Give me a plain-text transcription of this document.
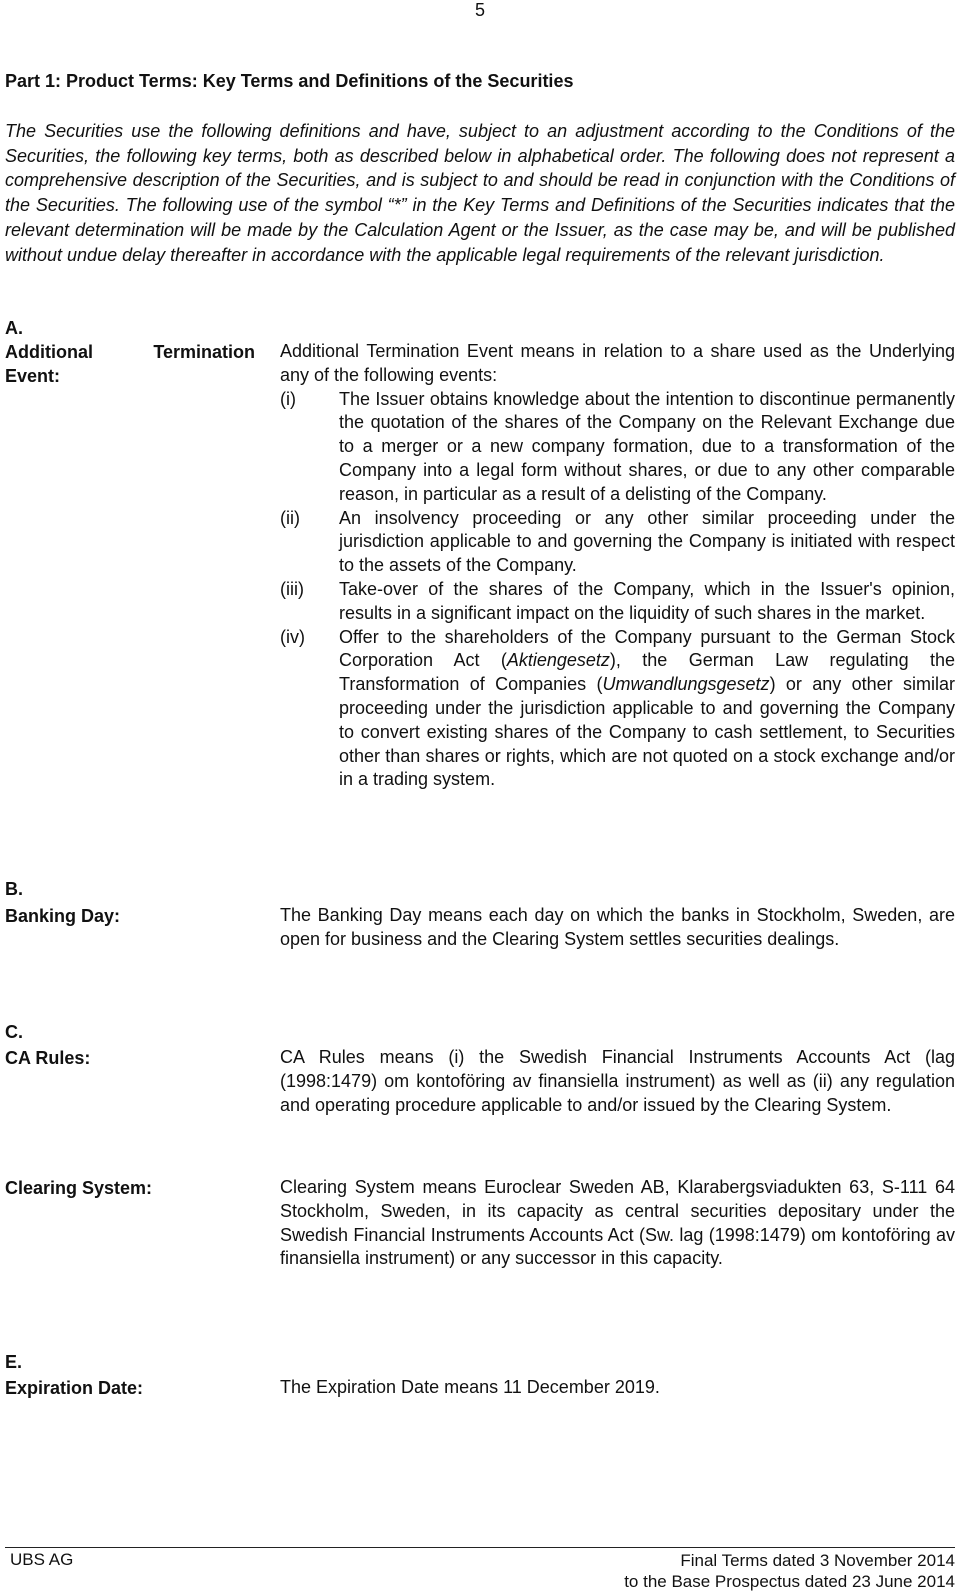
5
Part 1: Product Terms: Key Terms and Definitions of the Securities

The Securities use the following definitions and have, subject to an adjustment according to the Conditions of the Securities, the following key terms, both as described below in alphabetical order. The following does not represent a comprehensive description of the Securities, and is subject to and should be read in conjunction with the Conditions of the Securities. The following use of the symbol “*” in the Key Terms and Definitions of the Securities indicates that the relevant determination will be made by the Calculation Agent or the Issuer, as the case may be, and will be published without undue delay thereafter in accordance with the applicable legal requirements of the relevant jurisdiction.

A.
Additional Termination
Event:
Additional Termination Event means in relation to a share used as the Underlying any of the following events:
(i)	The Issuer obtains knowledge about the intention to discontinue permanently the quotation of the shares of the Company on the Relevant Exchange due to a merger or a new company formation, due to a transformation of the Company into a legal form without shares, or due to any other comparable reason, in particular as a result of a delisting of the Company.
(ii)	An insolvency proceeding or any other similar proceeding under the jurisdiction applicable to and governing the Company is initiated with respect to the assets of the Company.
(iii)	Take-over of the shares of the Company, which in the Issuer's opinion, results in a significant impact on the liquidity of such shares in the market.
(iv)	Offer to the shareholders of the Company pursuant to the German Stock Corporation Act (Aktiengesetz), the German Law regulating the Transformation of Companies (Umwandlungsgesetz) or any other similar proceeding under the jurisdiction applicable to and governing the Company to convert existing shares of the Company to cash settlement, to Securities other than shares or rights, which are not quoted on a stock exchange and/or in a trading system.
B.
Banking Day:	The Banking Day means each day on which the banks in Stockholm, Sweden, are open for business and the Clearing System settles securities dealings.

C.
CA Rules:	CA Rules means (i) the Swedish Financial Instruments Accounts Act (lag (1998:1479) om kontoföring av finansiella instrument) as well as (ii) any regulation and operating procedure applicable to and/or issued by the Clearing System.

Clearing System:	Clearing System means Euroclear Sweden AB, Klarabergsviadukten 63, S-111 64 Stockholm, Sweden, in its capacity as central securities depositary under the Swedish Financial Instruments Accounts Act (Sw. lag (1998:1479) om kontoföring av finansiella instrument) or any successor in this capacity.

E.
Expiration Date:	The Expiration Date means 11 December 2019.

UBS AG	Final Terms dated 3 November 2014
to the Base Prospectus dated 23 June 2014
